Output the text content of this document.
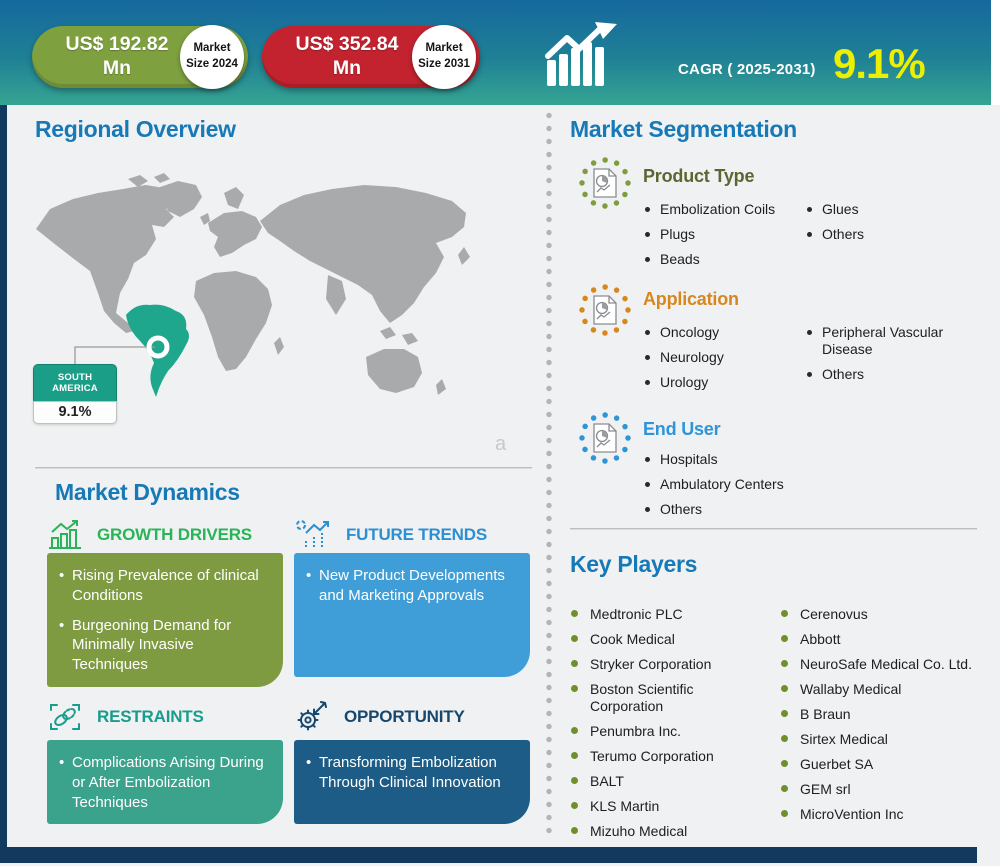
US$ 192.82
Mn
Market
Size 2024
US$ 352.84
Mn
Market
Size 2031	CAGR ( 2025-2031) 9.1%
Regional Overview
SOUTH AMERICA
9.1%
a
Market Dynamics
GROWTH DRIVERS	FUTURE TRENDS
• Rising Prevalence of clinical Conditions
• Burgeoning Demand for Minimally Invasive Techniques
• New Product Developments and Marketing Approvals
RESTRAINTS	OPPORTUNITY
• Complications Arising During or After Embolization Techniques
• Transforming Embolization Through Clinical Innovation
Market Segmentation
Product Type
Embolization Coils
Plugs
Beads
Glues
Others
Application
Oncology
Neurology
Urology
Peripheral Vascular Disease
Others
End User
Hospitals
Ambulatory Centers
Others
Key Players
Medtronic PLC
Cook Medical
Stryker Corporation
Boston Scientific Corporation
Penumbra Inc.
Terumo Corporation
BALT
KLS Martin
Mizuho Medical
Cerenovus
Abbott
NeuroSafe Medical Co. Ltd.
Wallaby Medical
B Braun
Sirtex Medical
Guerbet SA
GEM srl
MicroVention Inc
